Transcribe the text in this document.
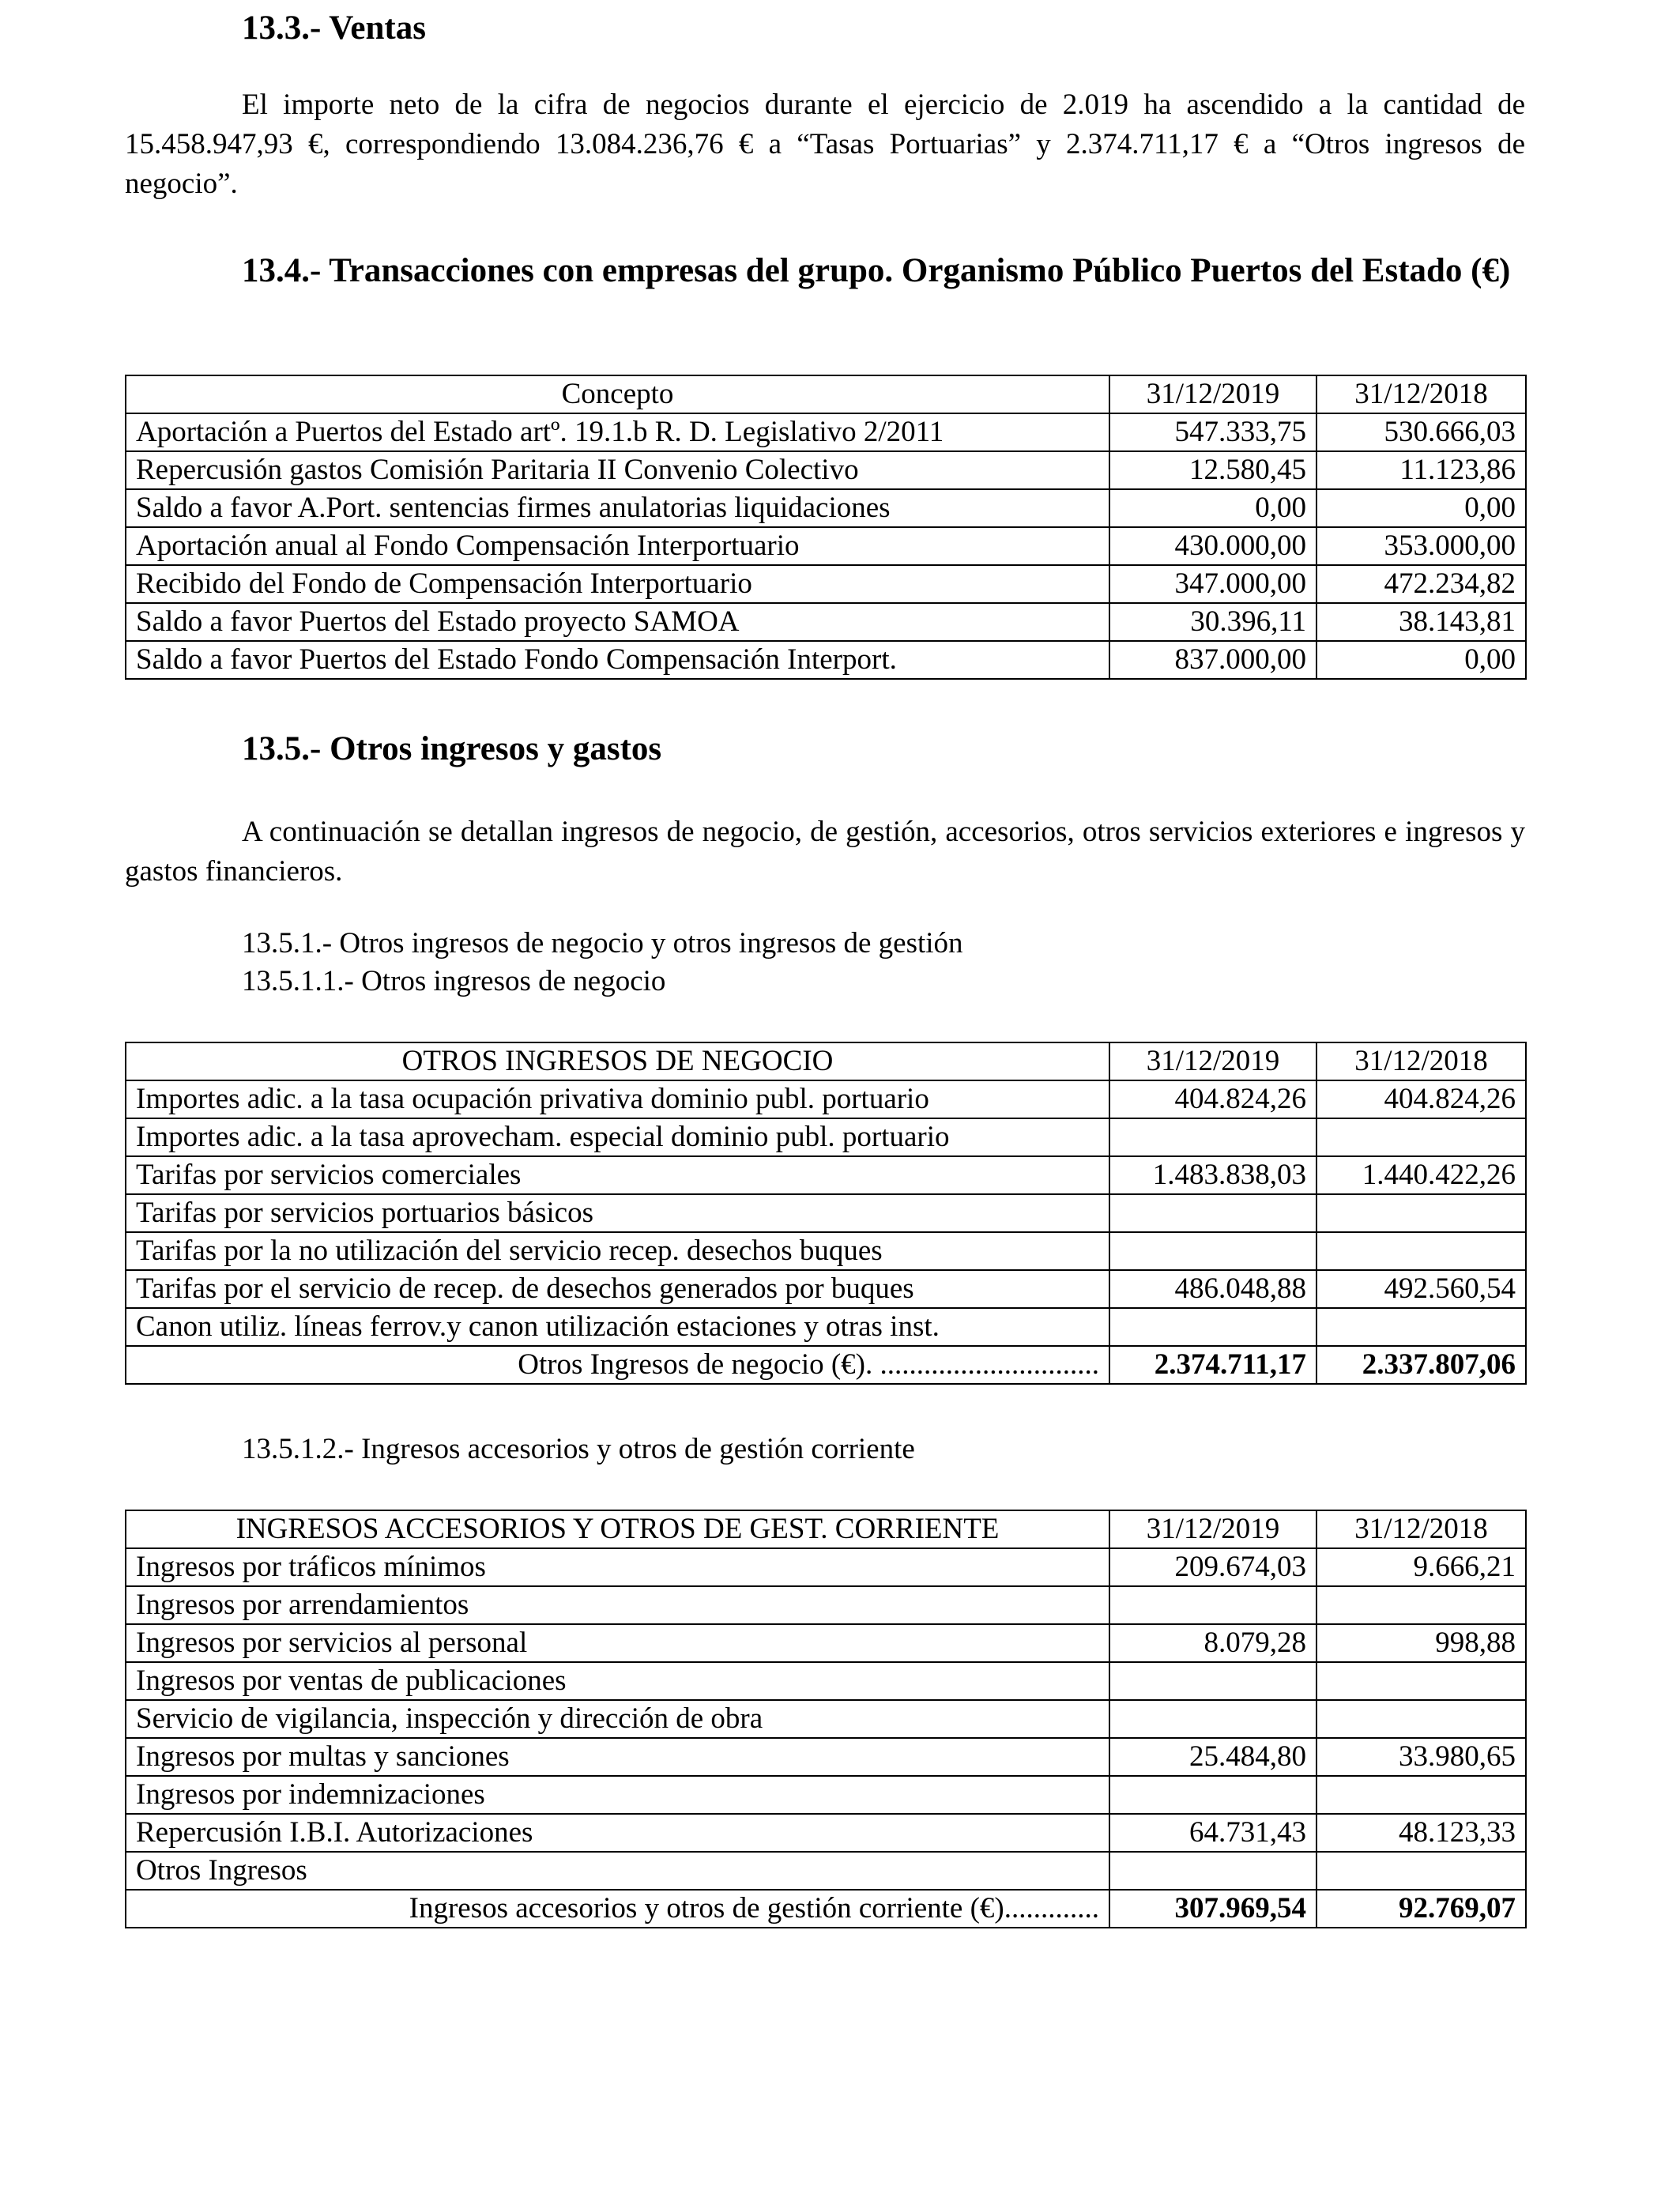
13.3.- Ventas

El importe neto de la cifra de negocios durante el ejercicio de 2.019 ha ascendido a la cantidad de 15.458.947,93 €, correspondiendo 13.084.236,76 € a “Tasas Portuarias” y 2.374.711,17 € a “Otros ingresos de negocio”.

13.4.- Transacciones con empresas del grupo. Organismo Público Puertos del Estado (€)
Concepto	31/12/2019	31/12/2018
Aportación a Puertos del Estado artº. 19.1.b R. D. Legislativo 2/2011	547.333,75	530.666,03
Repercusión gastos Comisión Paritaria II Convenio Colectivo	12.580,45	11.123,86
Saldo a favor A.Port. sentencias firmes anulatorias liquidaciones	0,00	0,00
Aportación anual al Fondo Compensación Interportuario	430.000,00	353.000,00
Recibido del Fondo de Compensación Interportuario	347.000,00	472.234,82
Saldo a favor Puertos del Estado proyecto SAMOA	30.396,11	38.143,81
Saldo a favor Puertos del Estado Fondo Compensación Interport.	837.000,00	0,00
13.5.- Otros ingresos y gastos

A continuación se detallan ingresos de negocio, de gestión, accesorios, otros servicios exteriores e ingresos y gastos financieros.

13.5.1.- Otros ingresos de negocio y otros ingresos de gestión

13.5.1.1.- Otros ingresos de negocio

OTROS INGRESOS DE NEGOCIO	31/12/2019	31/12/2018
Importes adic. a la tasa ocupación privativa dominio publ. portuario	404.824,26	404.824,26
Importes adic. a la tasa aprovecham. especial dominio publ. portuario		
Tarifas por servicios comerciales	1.483.838,03	1.440.422,26
Tarifas por servicios portuarios básicos		
Tarifas por la no utilización del servicio recep. desechos buques		
Tarifas por el servicio de recep. de desechos generados por buques	486.048,88	492.560,54
Canon utiliz. líneas ferrov.y canon utilización estaciones y otras inst.		
Otros Ingresos de negocio (€). ..............................	2.374.711,17	2.337.807,06

13.5.1.2.- Ingresos accesorios y otros de gestión corriente

INGRESOS ACCESORIOS Y OTROS DE GEST. CORRIENTE	31/12/2019	31/12/2018
Ingresos por tráficos mínimos	209.674,03	9.666,21
Ingresos por arrendamientos		
Ingresos por servicios al personal	8.079,28	998,88
Ingresos por ventas de publicaciones		
Servicio de vigilancia, inspección y dirección de obra		
Ingresos por multas y sanciones	25.484,80	33.980,65
Ingresos por indemnizaciones		
Repercusión I.B.I. Autorizaciones	64.731,43	48.123,33
Otros Ingresos		
Ingresos accesorios y otros de gestión corriente (€).............	307.969,54	92.769,07
